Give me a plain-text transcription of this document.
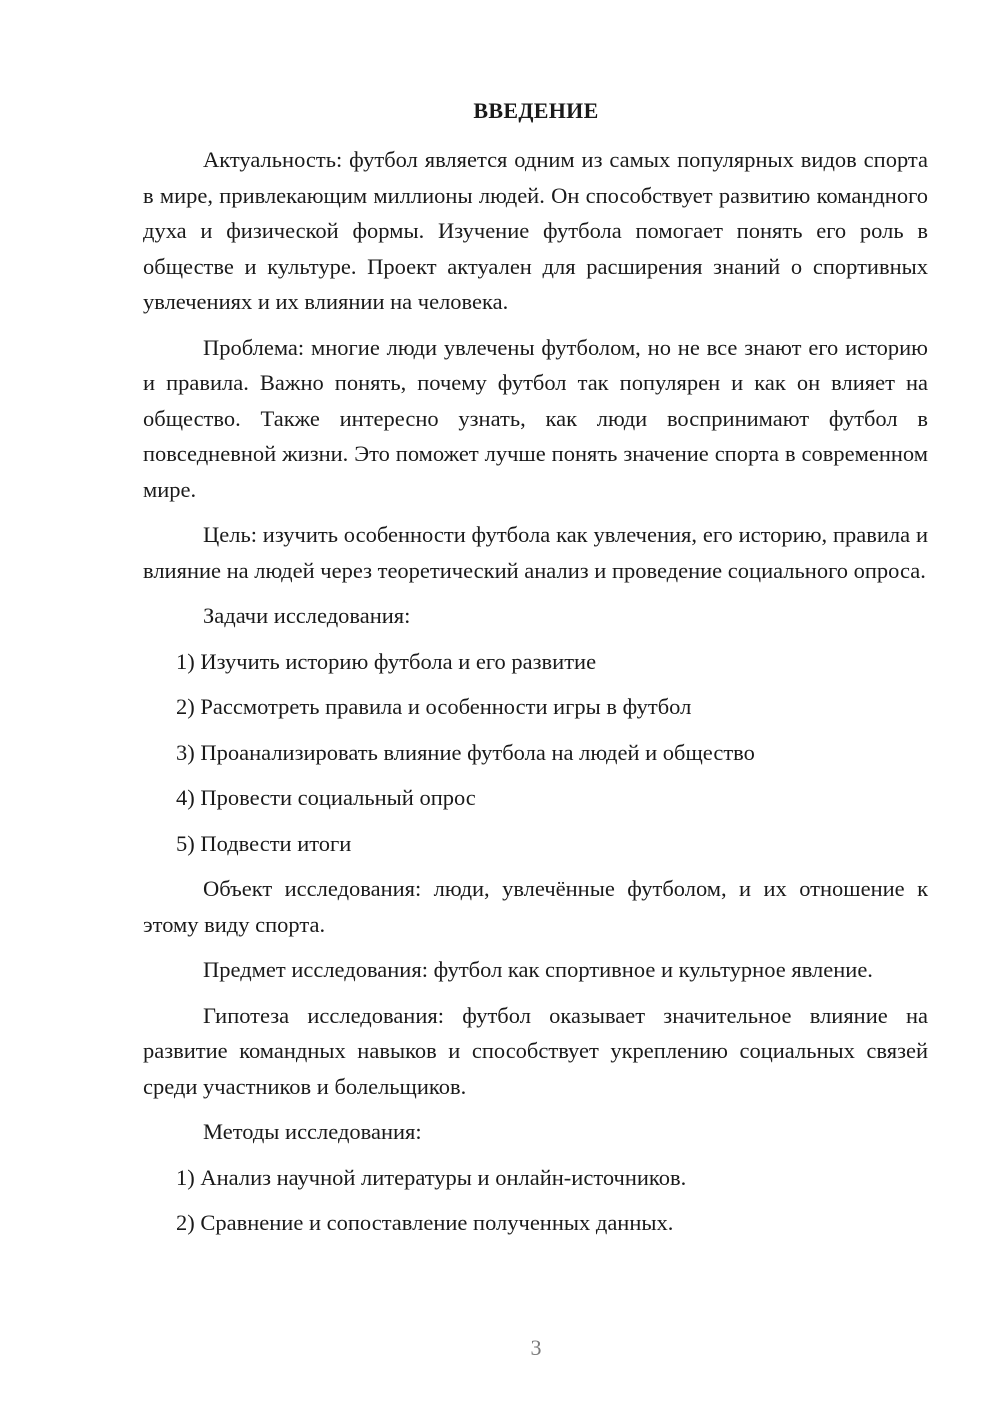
ВВЕДЕНИЕ

Актуальность: футбол является одним из самых популярных видов спорта в мире, привлекающим миллионы людей. Он способствует развитию командного духа и физической формы. Изучение футбола помогает понять его роль в обществе и культуре. Проект актуален для расширения знаний о спортивных увлечениях и их влиянии на человека.

Проблема: многие люди увлечены футболом, но не все знают его историю и правила. Важно понять, почему футбол так популярен и как он влияет на общество. Также интересно узнать, как люди воспринимают футбол в повседневной жизни. Это поможет лучше понять значение спорта в современном мире.

Цель: изучить особенности футбола как увлечения, его историю, правила и влияние на людей через теоретический анализ и проведение социального опроса.

Задачи исследования:

1) Изучить историю футбола и его развитие
2) Рассмотреть правила и особенности игры в футбол
3) Проанализировать влияние футбола на людей и общество
4) Провести социальный опрос
5) Подвести итоги

Объект исследования: люди, увлечённые футболом, и их отношение к этому виду спорта.

Предмет исследования: футбол как спортивное и культурное явление.

Гипотеза исследования: футбол оказывает значительное влияние на развитие командных навыков и способствует укреплению социальных связей среди участников и болельщиков.

Методы исследования:

1) Анализ научной литературы и онлайн-источников.
2) Сравнение и сопоставление полученных данных.
3
